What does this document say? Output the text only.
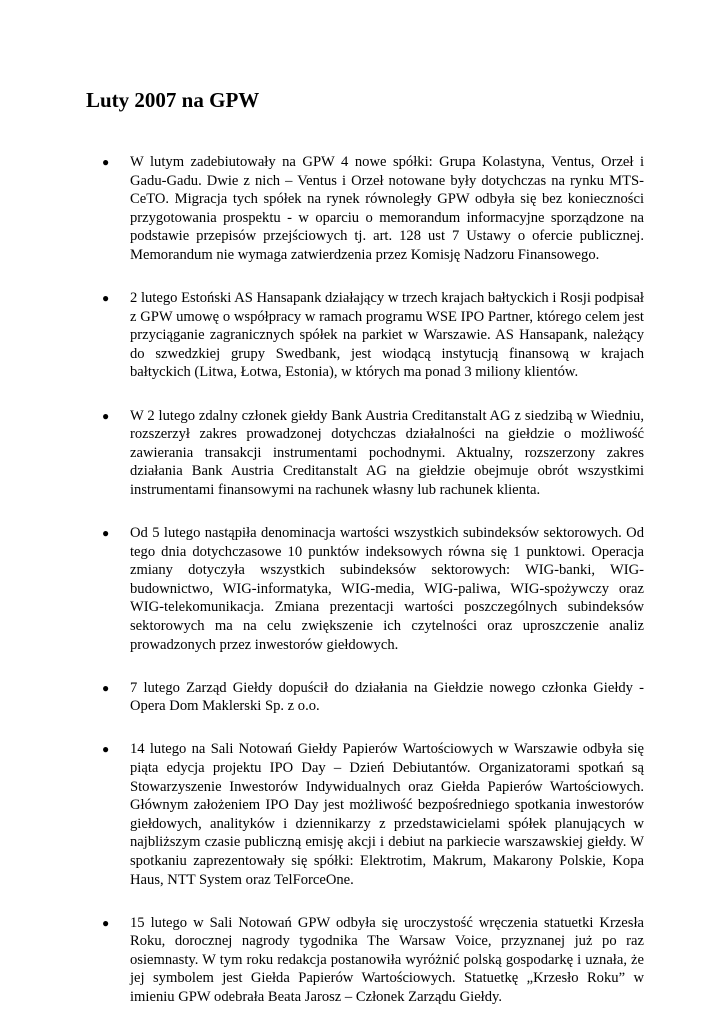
Luty 2007 na GPW
● W lutym zadebiutowały na GPW 4 nowe spółki: Grupa Kolastyna, Ventus, Orzeł i Gadu-Gadu. Dwie z nich – Ventus i Orzeł notowane były dotychczas na rynku MTS-CeTO. Migracja tych spółek na rynek równoległy GPW odbyła się bez konieczności przygotowania prospektu - w oparciu o memorandum informacyjne sporządzone na podstawie przepisów przejściowych tj. art. 128 ust 7 Ustawy o ofercie publicznej. Memorandum nie wymaga zatwierdzenia przez Komisję Nadzoru Finansowego.
● 2 lutego Estoński AS Hansapank działający w trzech krajach bałtyckich i Rosji podpisał z GPW umowę o współpracy w ramach programu WSE IPO Partner, którego celem jest przyciąganie zagranicznych spółek na parkiet w Warszawie. AS Hansapank, należący do szwedzkiej grupy Swedbank, jest wiodącą instytucją finansową w krajach bałtyckich (Litwa, Łotwa, Estonia), w których ma ponad 3 miliony klientów.
● W 2 lutego zdalny członek giełdy Bank Austria Creditanstalt AG z siedzibą w Wiedniu, rozszerzył zakres prowadzonej dotychczas działalności na giełdzie o możliwość zawierania transakcji instrumentami pochodnymi. Aktualny, rozszerzony zakres działania Bank Austria Creditanstalt AG na giełdzie obejmuje obrót wszystkimi instrumentami finansowymi na rachunek własny lub rachunek klienta.
● Od 5 lutego nastąpiła denominacja wartości wszystkich subindeksów sektorowych. Od tego dnia dotychczasowe 10 punktów indeksowych równa się 1 punktowi. Operacja zmiany dotyczyła wszystkich subindeksów sektorowych: WIG-banki, WIG-budownictwo, WIG-informatyka, WIG-media, WIG-paliwa, WIG-spożywczy oraz WIG-telekomunikacja. Zmiana prezentacji wartości poszczególnych subindeksów sektorowych ma na celu zwiększenie ich czytelności oraz uproszczenie analiz prowadzonych przez inwestorów giełdowych.
● 7 lutego Zarząd Giełdy dopuścił do działania na Giełdzie nowego członka Giełdy - Opera Dom Maklerski Sp. z o.o.
● 14 lutego na Sali Notowań Giełdy Papierów Wartościowych w Warszawie odbyła się piąta edycja projektu IPO Day – Dzień Debiutantów. Organizatorami spotkań są Stowarzyszenie Inwestorów Indywidualnych oraz Giełda Papierów Wartościowych. Głównym założeniem IPO Day jest możliwość bezpośredniego spotkania inwestorów giełdowych, analityków i dziennikarzy z przedstawicielami spółek planujących w najbliższym czasie publiczną emisję akcji i debiut na parkiecie warszawskiej giełdy. W spotkaniu zaprezentowały się spółki: Elektrotim, Makrum, Makarony Polskie, Kopa Haus, NTT System oraz TelForceOne.
● 15 lutego w Sali Notowań GPW odbyła się uroczystość wręczenia statuetki Krzesła Roku, dorocznej nagrody tygodnika The Warsaw Voice, przyznanej już po raz osiemnasty. W tym roku redakcja postanowiła wyróżnić polską gospodarkę i uznała, że jej symbolem jest Giełda Papierów Wartościowych. Statuetkę „Krzesło Roku” w imieniu GPW odebrała Beata Jarosz – Członek Zarządu Giełdy.
